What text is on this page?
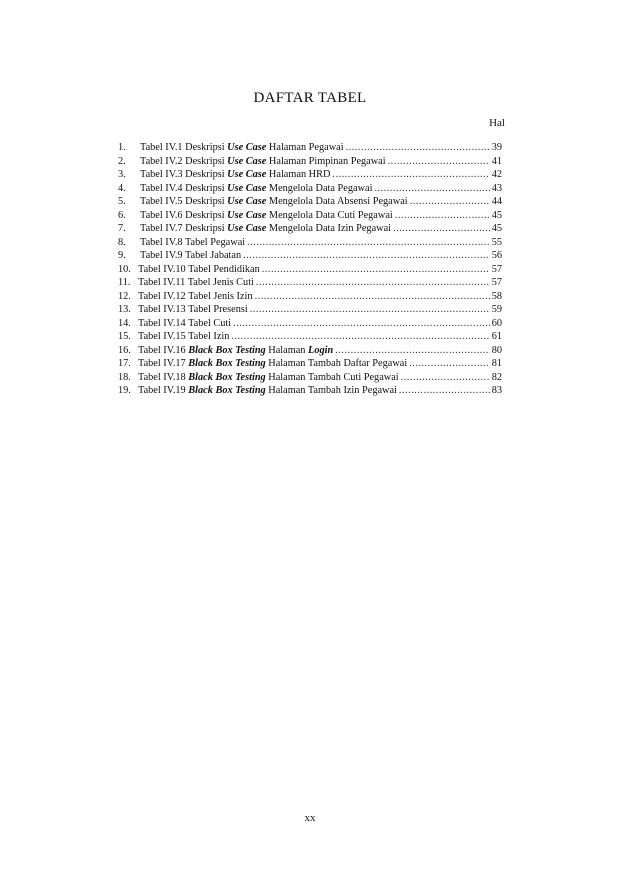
DAFTAR TABEL
Hal
1.	Tabel IV.1 Deskripsi Use Case Halaman Pegawai .....	39
2.	Tabel IV.2 Deskripsi Use Case Halaman Pimpinan Pegawai .....	41
3.	Tabel IV.3 Deskripsi Use Case Halaman HRD .....	42
4.	Tabel IV.4 Deskripsi Use Case Mengelola Data Pegawai .....	43
5.	Tabel IV.5 Deskripsi Use Case Mengelola Data Absensi Pegawai .....	44
6.	Tabel IV.6 Deskripsi Use Case Mengelola Data Cuti Pegawai .....	45
7.	Tabel IV.7 Deskripsi Use Case Mengelola Data Izin Pegawai .....	45
8.	Tabel IV.8 Tabel Pegawai .....	55
9.	Tabel IV.9 Tabel Jabatan .....	56
10. Tabel IV.10 Tabel Pendidikan .....	57
11. Tabel IV.11 Tabel Jenis Cuti .....	57
12. Tabel IV.12 Tabel Jenis Izin .....	58
13. Tabel IV.13 Tabel Presensi .....	59
14. Tabel IV.14 Tabel Cuti .....	60
15. Tabel IV.15 Tabel Izin .....	61
16. Tabel IV.16 Black Box Testing Halaman Login .....	80
17. Tabel IV.17 Black Box Testing Halaman Tambah Daftar Pegawai .....	81
18. Tabel IV.18 Black Box Testing Halaman Tambah Cuti Pegawai .....	82
19. Tabel IV.19 Black Box Testing Halaman Tambah Izin Pegawai .....	83
xx
